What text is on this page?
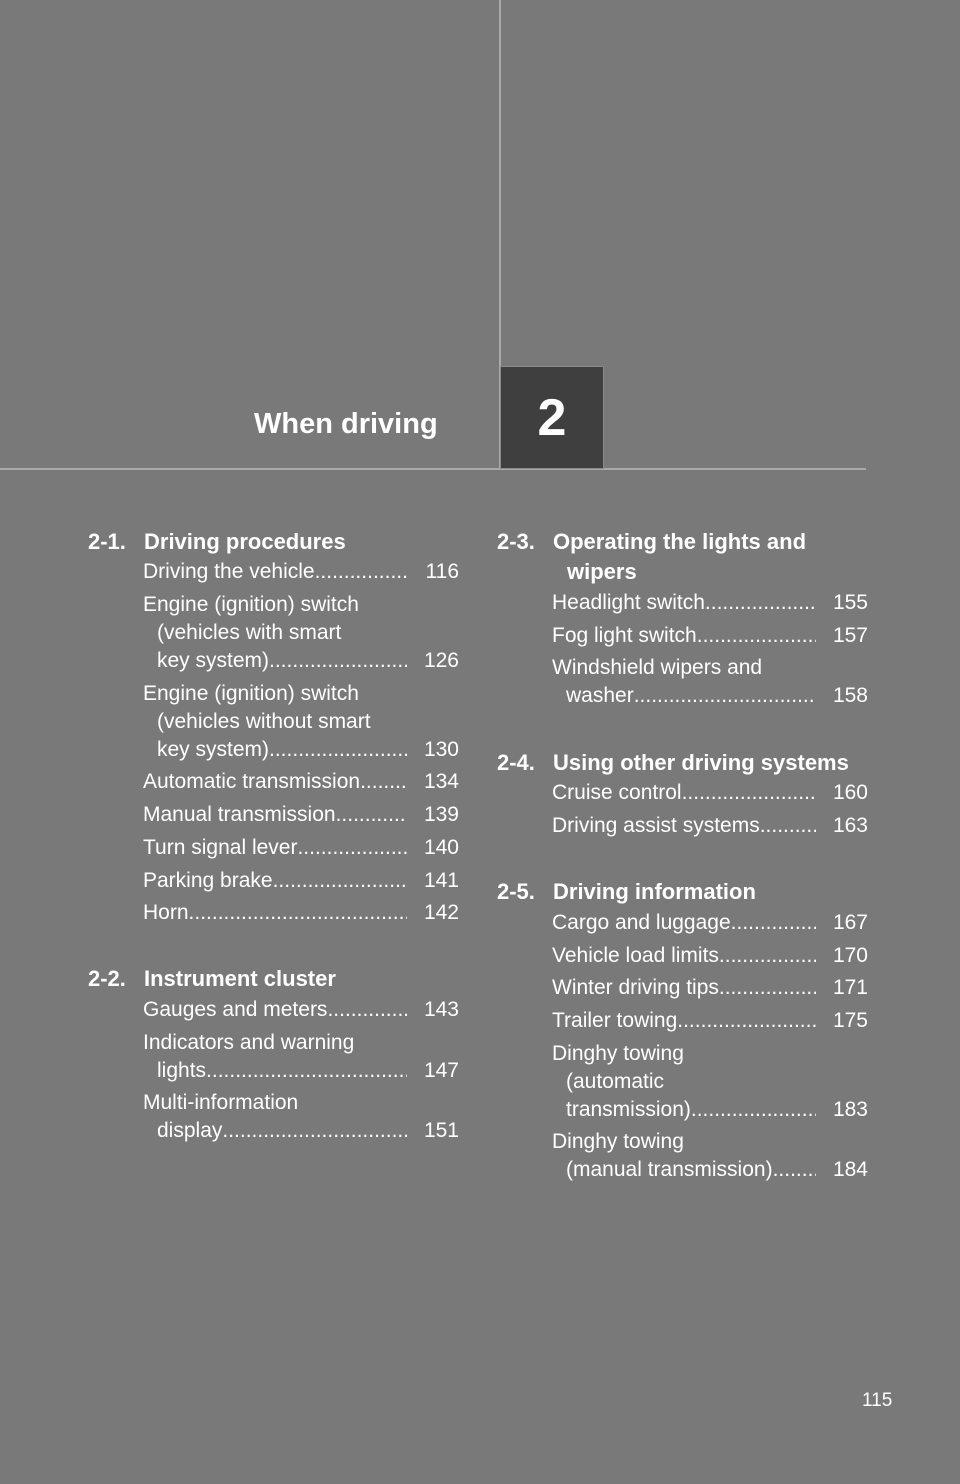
When driving 2
2-1. Driving procedures
Driving the vehicle .....	116
Engine (ignition) switch
(vehicles with smart
key system) .....	126
Engine (ignition) switch
(vehicles without smart
key system) .....	130
Automatic transmission .....	134
Manual transmission .....	139
Turn signal lever .....	140
Parking brake .....	141
Horn .....	142
2-2. Instrument cluster
Gauges and meters .....	143
Indicators and warning
lights .....	147
Multi-information
display .....	151
2-3. Operating the lights and
wipers
Headlight switch .....	155
Fog light switch .....	157
Windshield wipers and
washer .....	158
2-4. Using other driving systems
Cruise control .....	160
Driving assist systems .....	163
2-5. Driving information
Cargo and luggage .....	167
Vehicle load limits .....	170
Winter driving tips .....	171
Trailer towing .....	175
Dinghy towing
(automatic
transmission) .....	183
Dinghy towing
(manual transmission) .....	184
115
